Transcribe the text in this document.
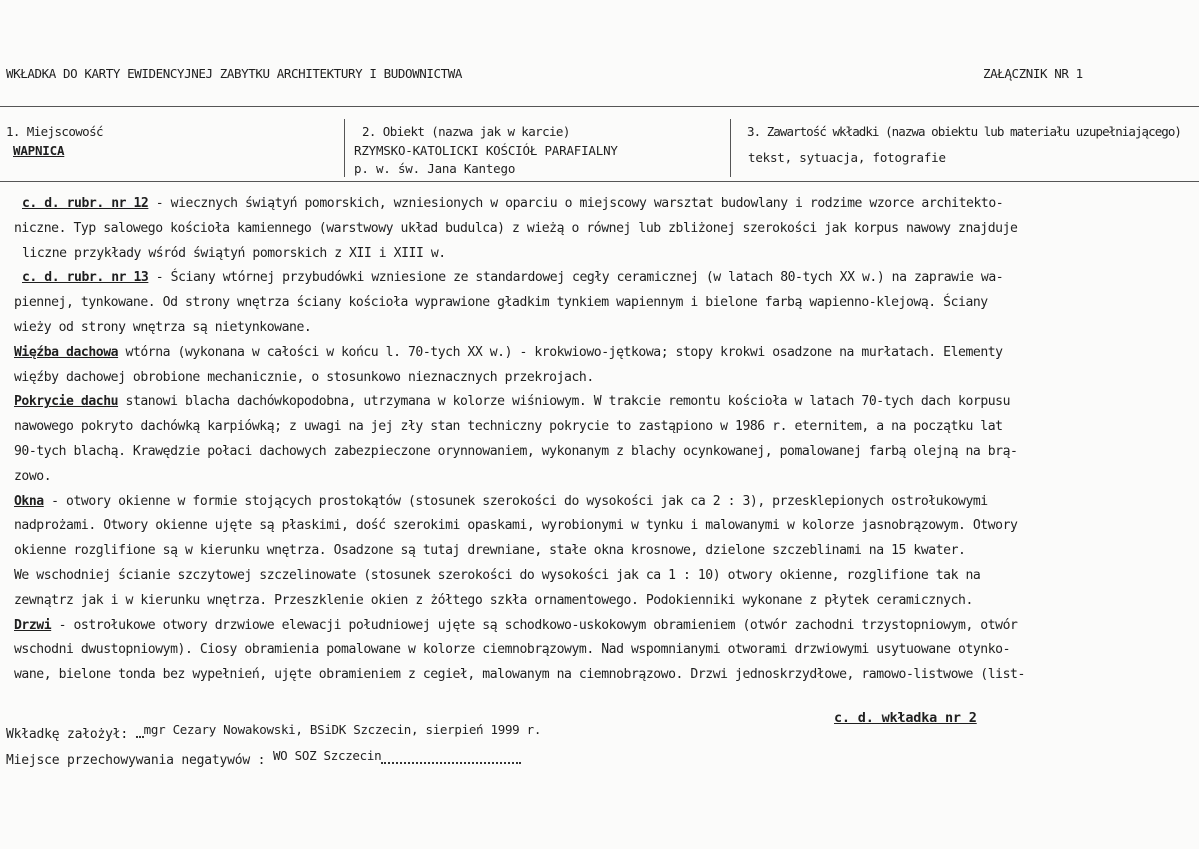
WKŁADKA DO KARTY EWIDENCYJNEJ ZABYTKU ARCHITEKTURY I BUDOWNICTWA	ZAŁĄCZNIK NR 1
1. Miejscowość
WAPNICA
2. Obiekt (nazwa jak w karcie)
RZYMSKO-KATOLICKI KOŚCIÓŁ PARAFIALNY
p. w. św. Jana Kantego
3. Zawartość wkładki (nazwa obiektu lub materiału uzupełniającego)
tekst, sytuacja, fotografie
c. d. rubr. nr 12 - wiecznych świątyń pomorskich, wzniesionych w oparciu o miejscowy warsztat budowlany i rodzime wzorce architekto-
niczne. Typ salowego kościoła kamiennego (warstwowy układ budulca) z wieżą o równej lub zbliżonej szerokości jak korpus nawowy znajduje
liczne przykłady wśród świątyń pomorskich z XII i XIII w.
c. d. rubr. nr 13 - Ściany wtórnej przybudówki wzniesione ze standardowej cegły ceramicznej (w latach 80-tych XX w.) na zaprawie wa-
piennej, tynkowane. Od strony wnętrza ściany kościoła wyprawione gładkim tynkiem wapiennym i bielone farbą wapienno-klejową. Ściany
wieży od strony wnętrza są nietynkowane.
Więźba dachowa wtórna (wykonana w całości w końcu l. 70-tych XX w.) - krokwiowo-jętkowa; stopy krokwi osadzone na murłatach. Elementy
więźby dachowej obrobione mechanicznie, o stosunkowo nieznacznych przekrojach.
Pokrycie dachu stanowi blacha dachówkopodobna, utrzymana w kolorze wiśniowym. W trakcie remontu kościoła w latach 70-tych dach korpusu
nawowego pokryto dachówką karpiówką; z uwagi na jej zły stan techniczny pokrycie to zastąpiono w 1986 r. eternitem, a na początku lat
90-tych blachą. Krawędzie połaci dachowych zabezpieczone orynnowaniem, wykonanym z blachy ocynkowanej, pomalowanej farbą olejną na brą-
zowo.
Okna - otwory okienne w formie stojących prostokątów (stosunek szerokości do wysokości jak ca 2 : 3), przesklepionych ostrołukowymi
nadprożami. Otwory okienne ujęte są płaskimi, dość szerokimi opaskami, wyrobionymi w tynku i malowanymi w kolorze jasnobrązowym. Otwory
okienne rozglifione są w kierunku wnętrza. Osadzone są tutaj drewniane, stałe okna krosnowe, dzielone szczeblinami na 15 kwater.
We wschodniej ścianie szczytowej szczelinowate (stosunek szerokości do wysokości jak ca 1 : 10) otwory okienne, rozglifione tak na
zewnątrz jak i w kierunku wnętrza. Przeszklenie okien z żółtego szkła ornamentowego. Podokienniki wykonane z płytek ceramicznych.
Drzwi - ostrołukowe otwory drzwiowe elewacji południowej ujęte są schodkowo-uskokowym obramieniem (otwór zachodni trzystopniowym, otwór
wschodni dwustopniowym). Ciosy obramienia pomalowane w kolorze ciemnobrązowym. Nad wspomnianymi otworami drzwiowymi usytuowane otynko-
wane, bielone tonda bez wypełnień, ujęte obramieniem z cegieł, malowanym na ciemnobrązowo. Drzwi jednoskrzydłowe, ramowo-listwowe (list-
c. d. wkładka nr 2
Wkładkę założył: mgr Cezary Nowakowski, BSiDK Szczecin, sierpień 1999 r.
Miejsce przechowywania negatywów : WO SOZ Szczecin
